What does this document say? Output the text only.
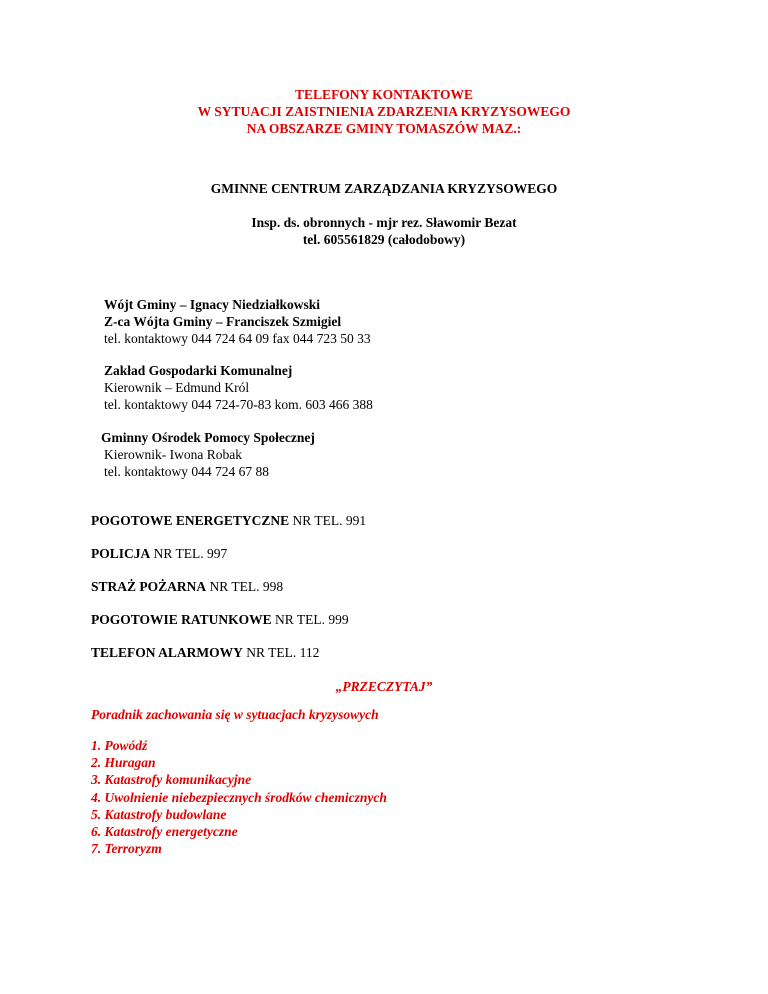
TELEFONY KONTAKTOWE
W SYTUACJI ZAISTNIENIA ZDARZENIA KRYZYSOWEGO
NA OBSZARZE GMINY TOMASZÓW MAZ.:
GMINNE CENTRUM ZARZĄDZANIA KRYZYSOWEGO
Insp. ds. obronnych - mjr rez. Sławomir Bezat
tel. 605561829 (całodobowy)
Wójt Gminy – Ignacy Niedziałkowski
Z-ca Wójta Gminy – Franciszek Szmigiel
tel. kontaktowy 044 724 64 09 fax 044 723 50 33
Zakład Gospodarki Komunalnej
Kierownik – Edmund Król
tel. kontaktowy 044 724-70-83 kom. 603 466 388
Gminny Ośrodek Pomocy Społecznej
Kierownik- Iwona Robak
tel. kontaktowy 044 724 67 88
POGOTOWE ENERGETYCZNE NR TEL. 991
POLICJA NR TEL. 997
STRAŻ POŻARNA NR TEL. 998
POGOTOWIE RATUNKOWE NR TEL. 999
TELEFON ALARMOWY NR TEL. 112
„PRZECZYTAJ”
Poradnik zachowania się w sytuacjach kryzysowych
1. Powódź
2. Huragan
3. Katastrofy komunikacyjne
4. Uwolnienie niebezpiecznych środków chemicznych
5. Katastrofy budowlane
6. Katastrofy energetyczne
7. Terroryzm
